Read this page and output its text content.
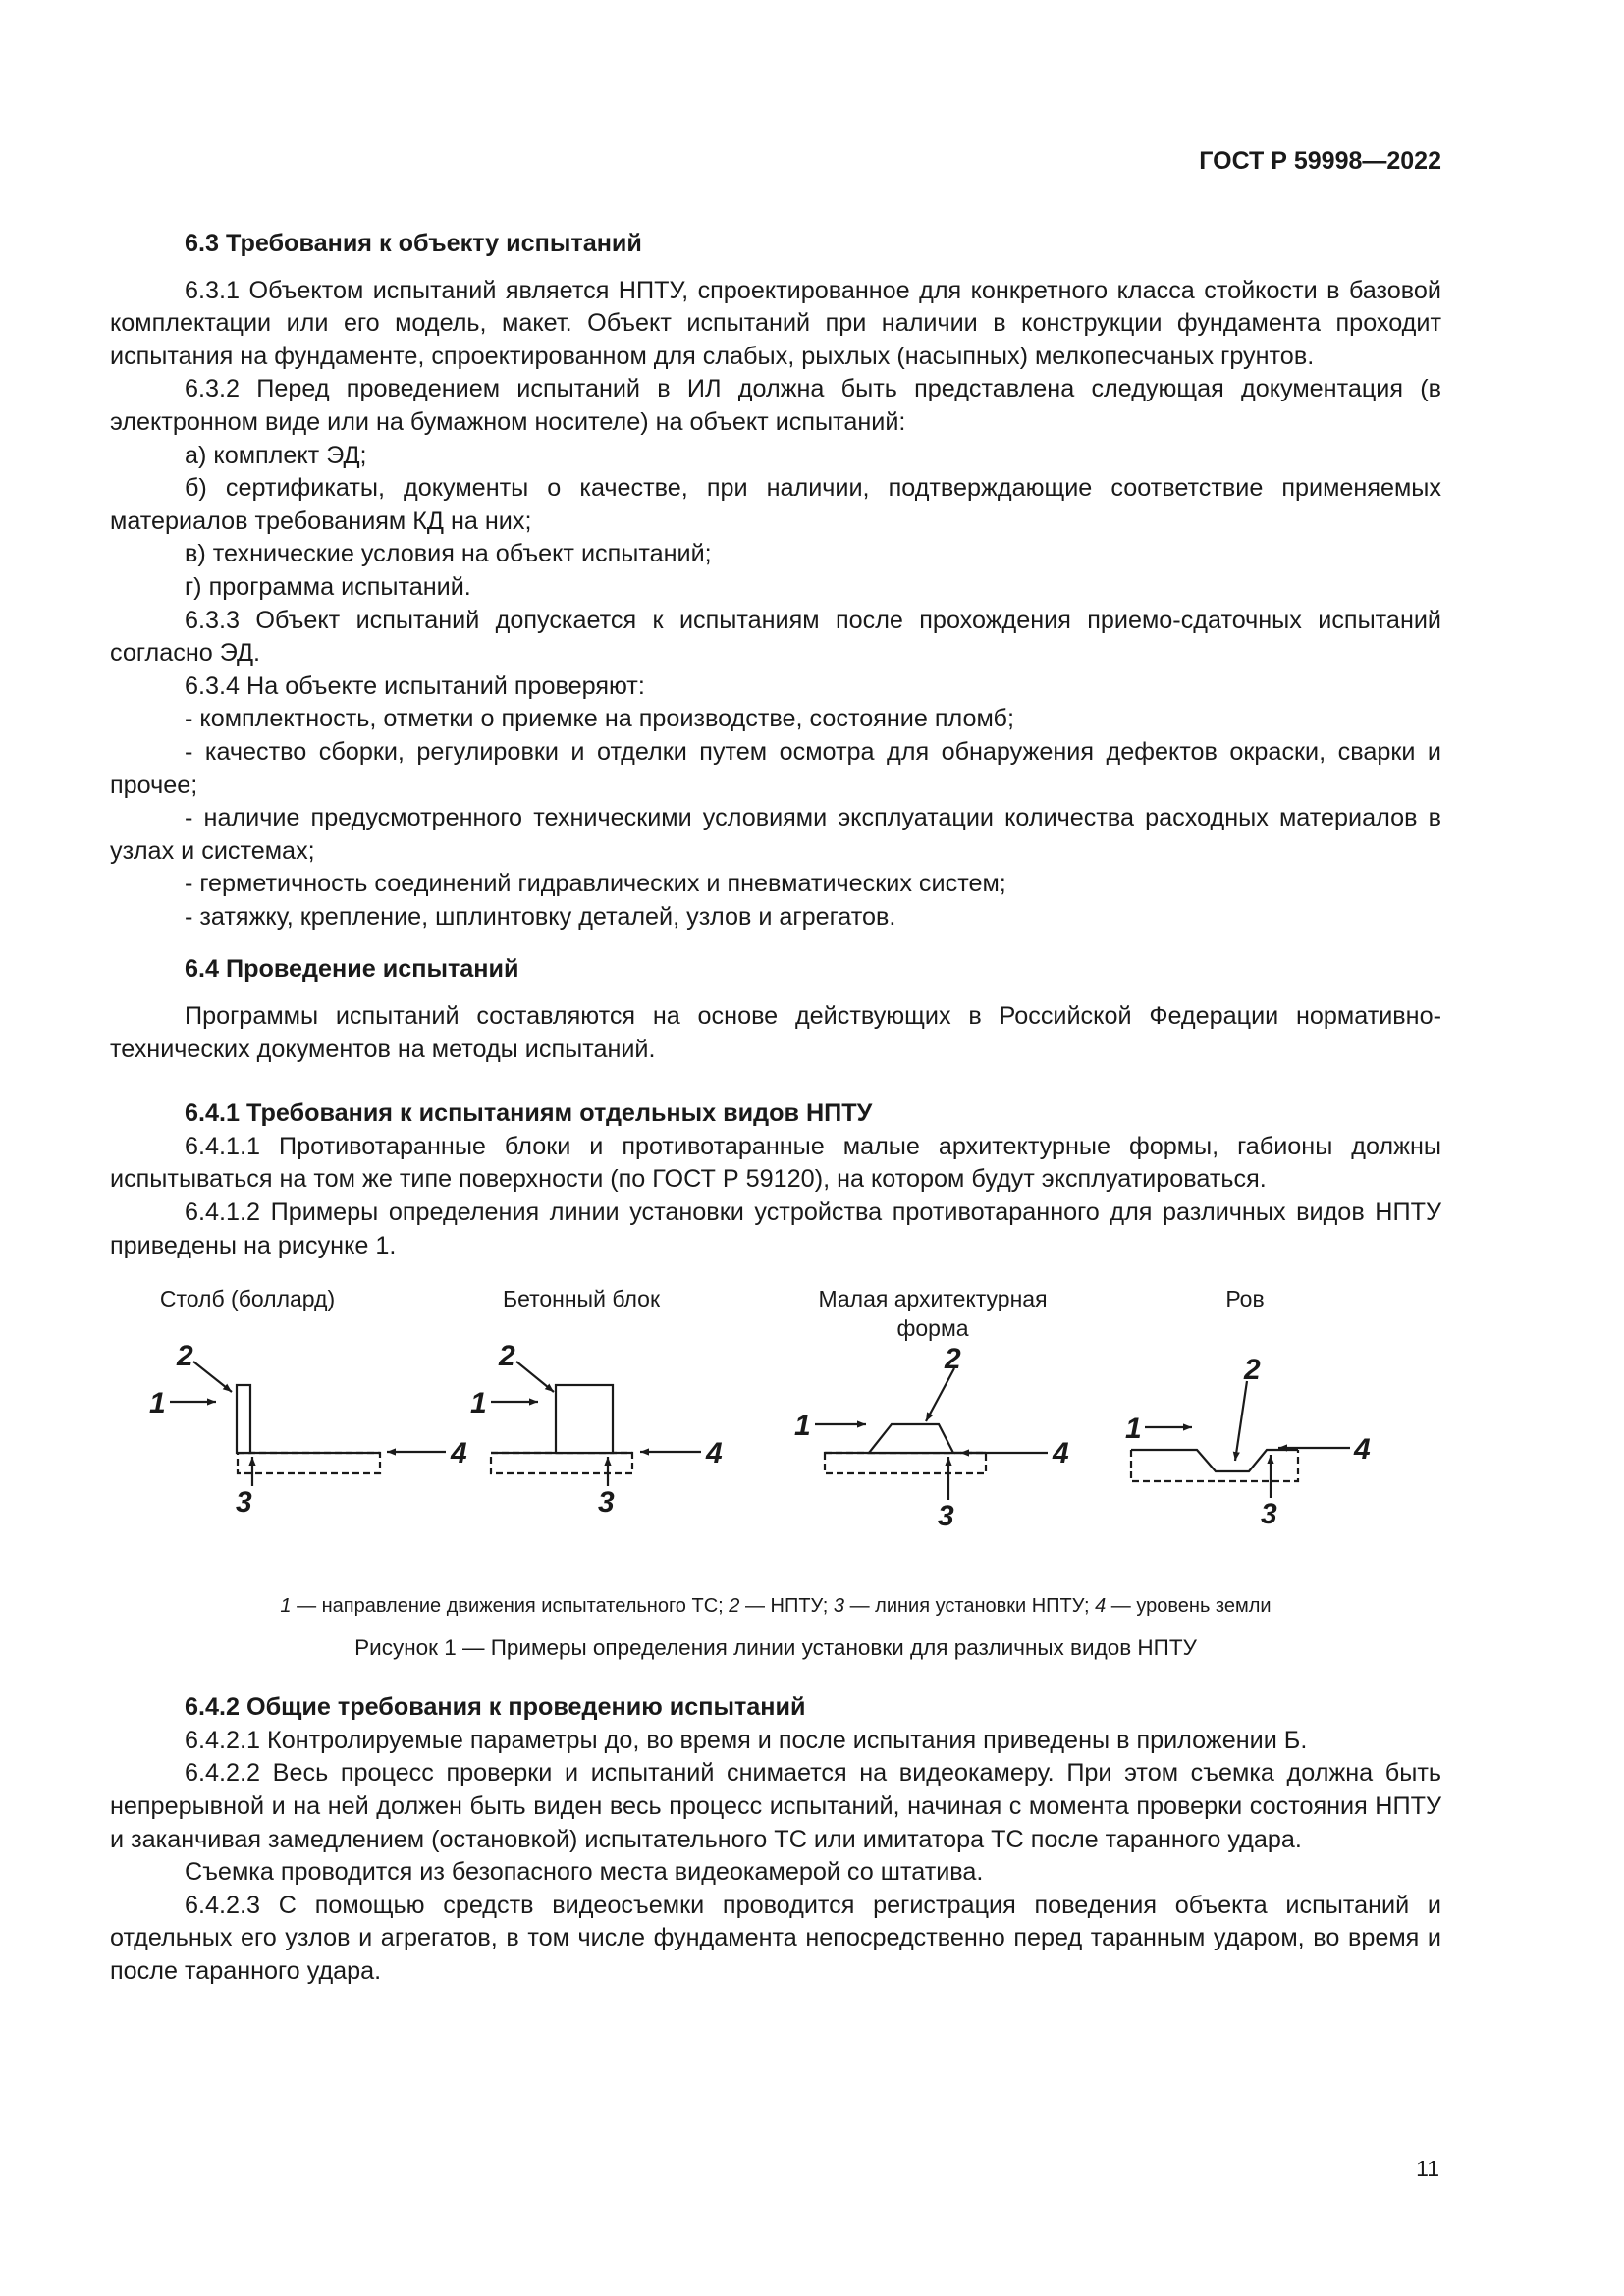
ГОСТ Р 59998—2022

6.3 Требования к объекту испытаний

6.3.1 Объектом испытаний является НПТУ, спроектированное для конкретного класса стойкости в базовой комплектации или его модель, макет. Объект испытаний при наличии в конструкции фундамента проходит испытания на фундаменте, спроектированном для слабых, рыхлых (насыпных) мелкопесчаных грунтов.

6.3.2 Перед проведением испытаний в ИЛ должна быть представлена следующая документация (в электронном виде или на бумажном носителе) на объект испытаний:

а) комплект ЭД;

б) сертификаты, документы о качестве, при наличии, подтверждающие соответствие применяемых материалов требованиям КД на них;

в) технические условия на объект испытаний;

г) программа испытаний.

6.3.3 Объект испытаний допускается к испытаниям после прохождения приемо-сдаточных испытаний согласно ЭД.

6.3.4 На объекте испытаний проверяют:

- комплектность, отметки о приемке на производстве, состояние пломб;

- качество сборки, регулировки и отделки путем осмотра для обнаружения дефектов окраски, сварки и прочее;

- наличие предусмотренного техническими условиями эксплуатации количества расходных материалов в узлах и системах;

- герметичность соединений гидравлических и пневматических систем;

- затяжку, крепление, шплинтовку деталей, узлов и агрегатов.

6.4 Проведение испытаний

Программы испытаний составляются на основе действующих в Российской Федерации нормативно-технических документов на методы испытаний.

6.4.1 Требования к испытаниям отдельных видов НПТУ

6.4.1.1 Противотаранные блоки и противотаранные малые архитектурные формы, габионы должны испытываться на том же типе поверхности (по ГОСТ Р 59120), на котором будут эксплуатироваться.

6.4.1.2 Примеры определения линии установки устройства противотаранного для различных видов НПТУ приведены на рисунке 1.

Столб (боллард)	Бетонный блок	Малая архитектурная форма
Ров
2
1
4
3
2
1
4
3
2
1
4
3
2
1
4
3
1 — направление движения испытательного ТС; 2 — НПТУ; 3 — линия установки НПТУ; 4 — уровень земли
Рисунок 1 — Примеры определения линии установки для различных видов НПТУ

6.4.2 Общие требования к проведению испытаний

6.4.2.1 Контролируемые параметры до, во время и после испытания приведены в приложении Б.

6.4.2.2 Весь процесс проверки и испытаний снимается на видеокамеру. При этом съемка должна быть непрерывной и на ней должен быть виден весь процесс испытаний, начиная с момента проверки состояния НПТУ и заканчивая замедлением (остановкой) испытательного ТС или имитатора ТС после таранного удара.

Съемка проводится из безопасного места видеокамерой со штатива.

6.4.2.3 С помощью средств видеосъемки проводится регистрация поведения объекта испытаний и отдельных его узлов и агрегатов, в том числе фундамента непосредственно перед таранным ударом, во время и после таранного удара.

11
